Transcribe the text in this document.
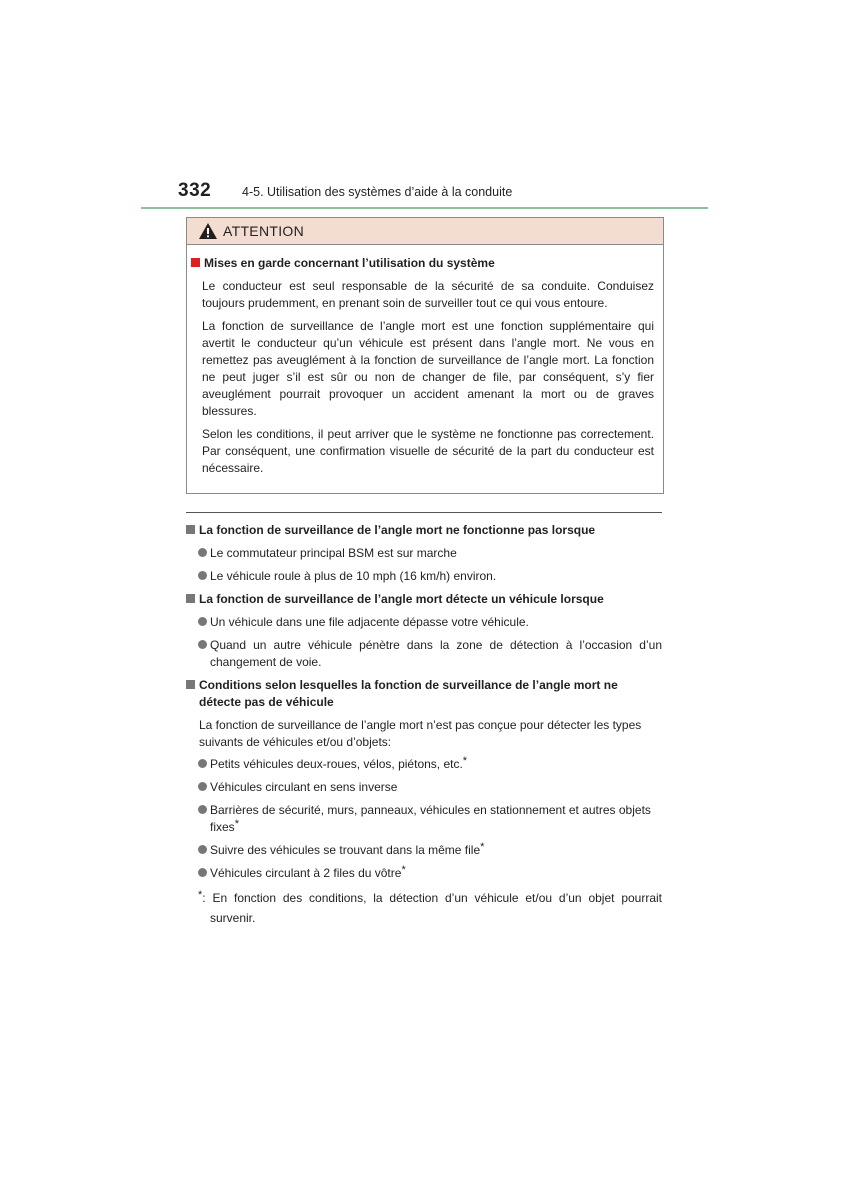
332 4-5. Utilisation des systèmes d’aide à la conduite
ATTENTION
Mises en garde concernant l’utilisation du système

Le conducteur est seul responsable de la sécurité de sa conduite. Conduisez toujours prudemment, en prenant soin de surveiller tout ce qui vous entoure.

La fonction de surveillance de l’angle mort est une fonction supplémentaire qui avertit le conducteur qu’un véhicule est présent dans l’angle mort. Ne vous en remettez pas aveuglément à la fonction de surveillance de l’angle mort. La fonction ne peut juger s’il est sûr ou non de changer de file, par conséquent, s’y fier aveuglément pourrait provoquer un accident amenant la mort ou de graves blessures.

Selon les conditions, il peut arriver que le système ne fonctionne pas correctement. Par conséquent, une confirmation visuelle de sécurité de la part du conducteur est nécessaire.

La fonction de surveillance de l’angle mort ne fonctionne pas lorsque
Le commutateur principal BSM est sur marche
Le véhicule roule à plus de 10 mph (16 km/h) environ.
La fonction de surveillance de l’angle mort détecte un véhicule lorsque
Un véhicule dans une file adjacente dépasse votre véhicule.
Quand un autre véhicule pénètre dans la zone de détection à l’occasion d’un changement de voie.
Conditions selon lesquelles la fonction de surveillance de l’angle mort ne détecte pas de véhicule
La fonction de surveillance de l’angle mort n’est pas conçue pour détecter les types suivants de véhicules et/ou d’objets:
Petits véhicules deux-roues, vélos, piétons, etc.*
Véhicules circulant en sens inverse
Barrières de sécurité, murs, panneaux, véhicules en stationnement et autres objets fixes*
Suivre des véhicules se trouvant dans la même file*
Véhicules circulant à 2 files du vôtre*
*: En fonction des conditions, la détection d’un véhicule et/ou d’un objet pourrait survenir.
